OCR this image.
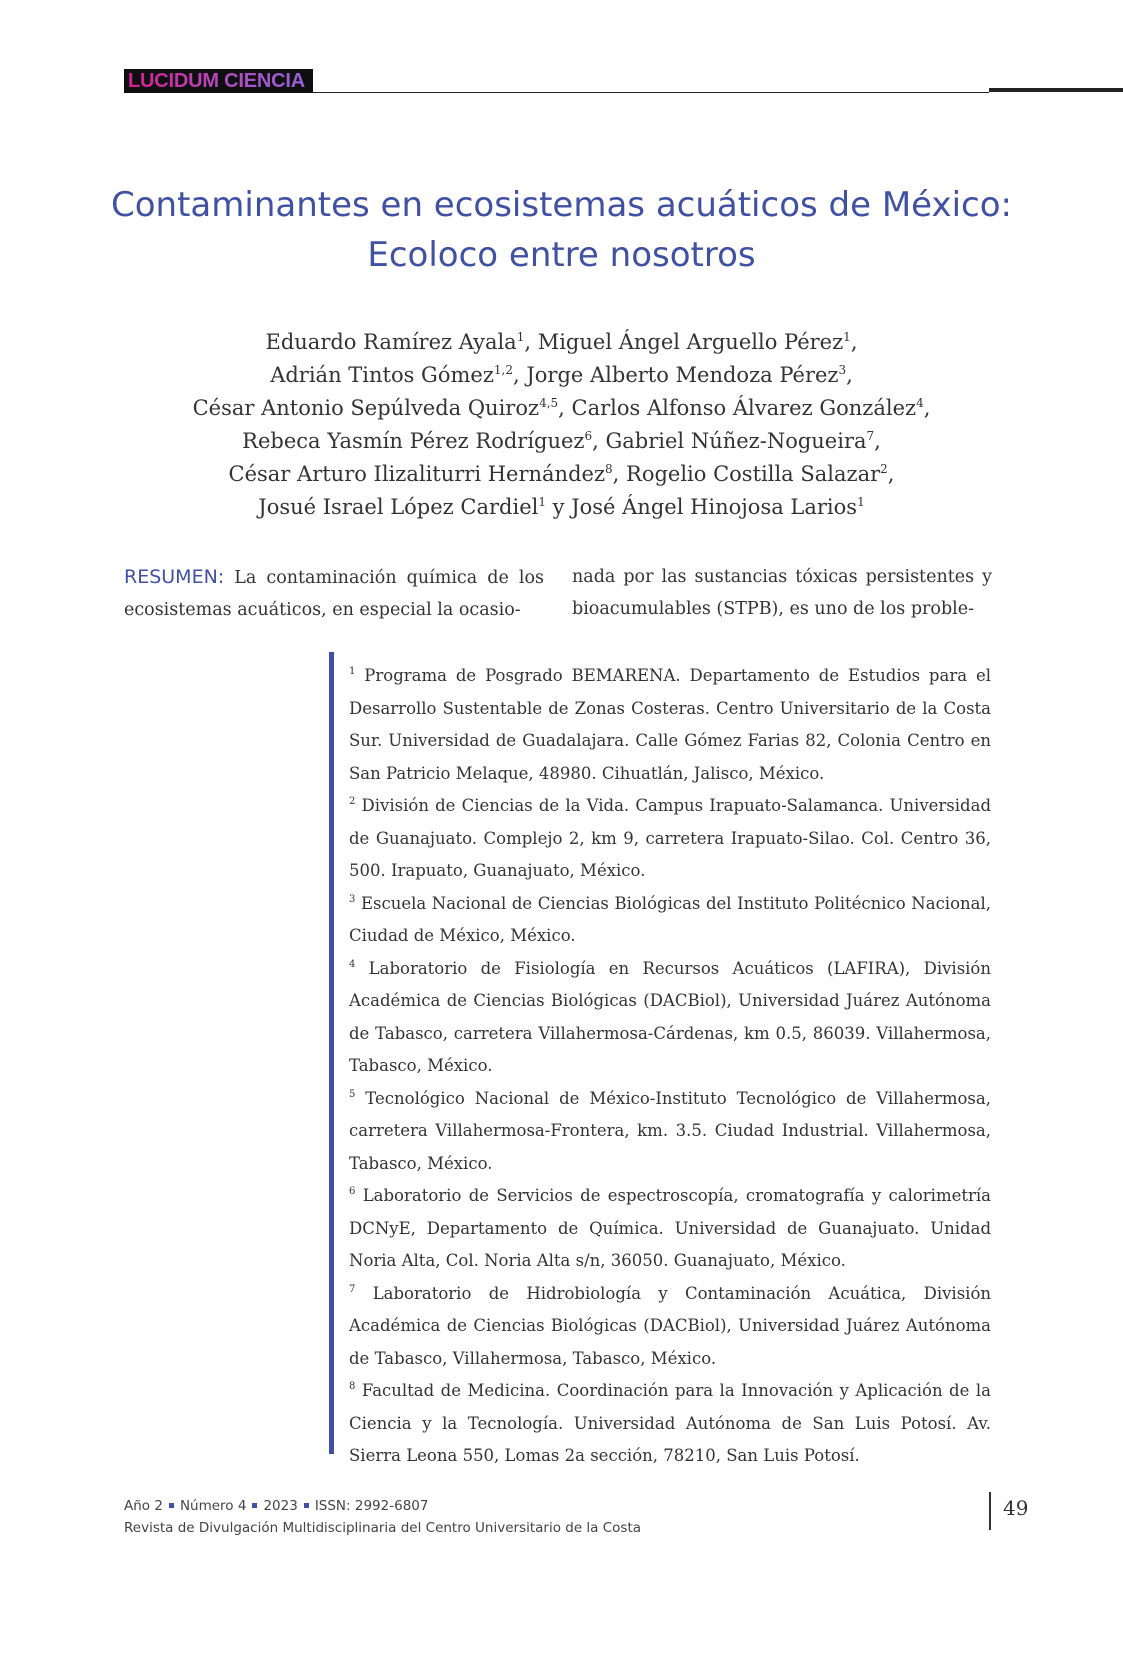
LUCIDUM CIENCIA
Contaminantes en ecosistemas acuáticos de México:
Ecoloco entre nosotros
Eduardo Ramírez Ayala$^1$, Miguel Ángel Arguello Pérez$^1$,
Adrián Tintos Gómez$^{1,2}$, Jorge Alberto Mendoza Pérez$^3$,
César Antonio Sepúlveda Quiroz$^{4,5}$, Carlos Alfonso Álvarez González$^4$,
Rebeca Yasmín Pérez Rodríguez$^6$, Gabriel Núñez-Nogueira$^7$,
César Arturo Ilizaliturri Hernández$^8$, Rogelio Costilla Salazar$^2$,
Josué Israel López Cardiel$^1$ y José Ángel Hinojosa Larios$^1$
RESUMEN: La contaminación química de los ecosistemas acuáticos, en especial la ocasio-
nada por las sustancias tóxicas persistentes y bioacumulables (STPB), es uno de los proble-
$^1$ Programa de Posgrado BEMARENA. Departamento de Estudios para el Desarrollo Sustentable de Zonas Costeras. Centro Universitario de la Costa Sur. Universidad de Guadalajara. Calle Gómez Farias 82, Colonia Centro en San Patricio Melaque, 48980. Cihuatlán, Jalisco, México.
$^2$ División de Ciencias de la Vida. Campus Irapuato-Salamanca. Universidad de Guanajuato. Complejo 2, km 9, carretera Irapuato-Silao. Col. Centro 36, 500. Irapuato, Guanajuato, México.
$^3$ Escuela Nacional de Ciencias Biológicas del Instituto Politécnico Nacional, Ciudad de México, México.
$^4$ Laboratorio de Fisiología en Recursos Acuáticos (LAFIRA), División Académica de Ciencias Biológicas (DACBiol), Universidad Juárez Autónoma de Tabasco, carretera Villahermosa-Cárdenas, km 0.5, 86039. Villahermosa, Tabasco, México.
$^5$ Tecnológico Nacional de México-Instituto Tecnológico de Villahermosa, carretera Villahermosa-Frontera, km. 3.5. Ciudad Industrial. Villahermosa, Tabasco, México.
$^6$ Laboratorio de Servicios de espectroscopía, cromatografía y calorimetría DCNyE, Departamento de Química. Universidad de Guanajuato. Unidad Noria Alta, Col. Noria Alta s/n, 36050. Guanajuato, México.
$^7$ Laboratorio de Hidrobiología y Contaminación Acuática, División Académica de Ciencias Biológicas (DACBiol), Universidad Juárez Autónoma de Tabasco, Villahermosa, Tabasco, México.
$^8$ Facultad de Medicina. Coordinación para la Innovación y Aplicación de la Ciencia y la Tecnología. Universidad Autónoma de San Luis Potosí. Av. Sierra Leona 550, Lomas 2a sección, 78210, San Luis Potosí.
Año 2 Número 4 2023 ISSN: 2992-6807
Revista de Divulgación Multidisciplinaria del Centro Universitario de la Costa
49
